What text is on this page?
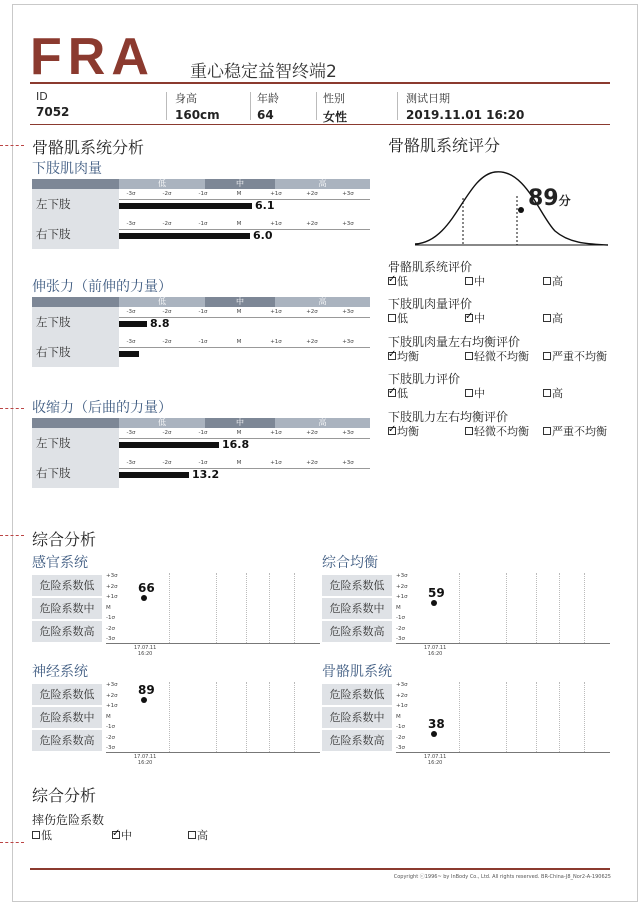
FRA 重心稳定益智终端2
ID
7052
身高
160cm
年龄
64
性别
女性
测试日期
2019.11.01 16:20
骨骼肌系统分析
下肢肌肉量
低	中	高
左下肢
-3σ	-2σ	-1σ	M	+1σ	+2σ	+3σ
6.1
右下肢
-3σ	-2σ	-1σ	M	+1σ	+2σ	+3σ
6.0
伸张力（前伸的力量）
低	中	高
左下肢
-3σ	-2σ	-1σ	M	+1σ	+2σ	+3σ
8.8
右下肢
-3σ	-2σ	-1σ	M	+1σ	+2σ	+3σ
收缩力（后曲的力量）
低	中	高
左下肢
-3σ	-2σ	-1σ	M	+1σ	+2σ	+3σ
16.8
右下肢
-3σ	-2σ	-1σ	M	+1σ	+2σ	+3σ
13.2
骨骼肌系统评分
89分
骨骼肌系统评价
✓低	中	高
下肢肌肉量评价
低 ✓	中	高
下肢肌肉量左右均衡评价
✓均衡	轻微不均衡	严重不均衡
下肢肌力评价
✓低	中	高
下肢肌力左右均衡评价
✓均衡	轻微不均衡	严重不均衡
综合分析
感官系统
危险系数低
危险系数中
危险系数高
+3σ
+2σ
+1σ
M
-1σ
-2σ
-3σ
17.07.11
16:20
66
综合均衡
危险系数低
危险系数中
危险系数高
+3σ
+2σ
+1σ
M
-1σ
-2σ
-3σ
17.07.11
16:20
59
神经系统
危险系数低
危险系数中
危险系数高
+3σ
+2σ
+1σ
M
-1σ
-2σ
-3σ
17.07.11
16:20
89
骨骼肌系统
危险系数低
危险系数中
危险系数高
+3σ
+2σ
+1σ
M
-1σ
-2σ
-3σ
17.07.11
16:20
38
综合分析
摔伤危险系数
低 ✓	中	高
Copyright ⓒ1996~ by InBody Co., Ltd. All rights reserved. BR-China-J8_Nor2-A-190625
